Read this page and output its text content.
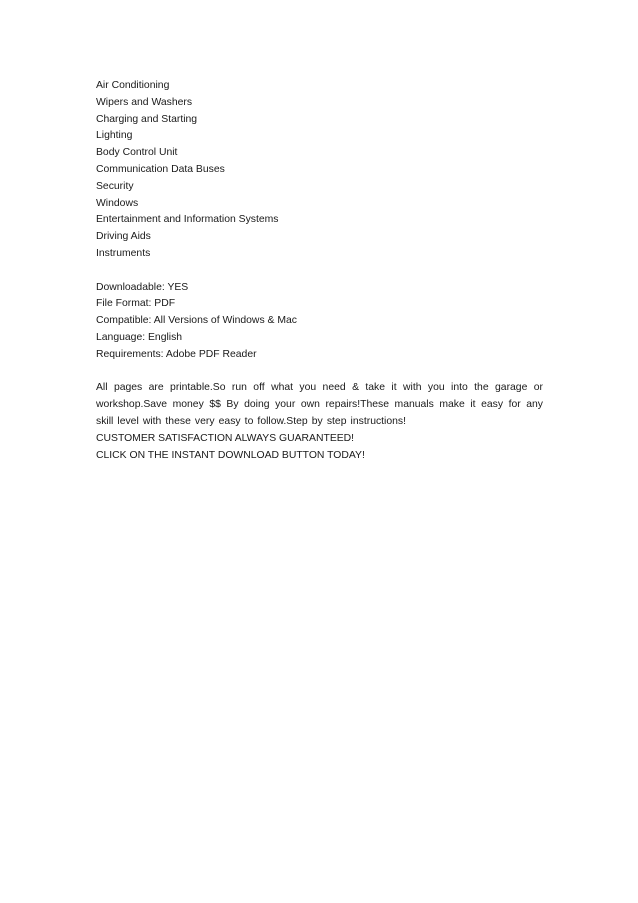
Air Conditioning
Wipers and Washers
Charging and Starting
Lighting
Body Control Unit
Communication Data Buses
Security
Windows
Entertainment and Information Systems
Driving Aids
Instruments
Downloadable: YES
File Format: PDF
Compatible: All Versions of Windows & Mac
Language: English
Requirements: Adobe PDF Reader

All pages are printable.So run off what you need & take it with you into the garage or workshop.Save money $$ By doing your own repairs!These manuals make it easy for any skill level with these very easy to follow.Step by step instructions!

CUSTOMER SATISFACTION ALWAYS GUARANTEED!
CLICK ON THE INSTANT DOWNLOAD BUTTON TODAY!
